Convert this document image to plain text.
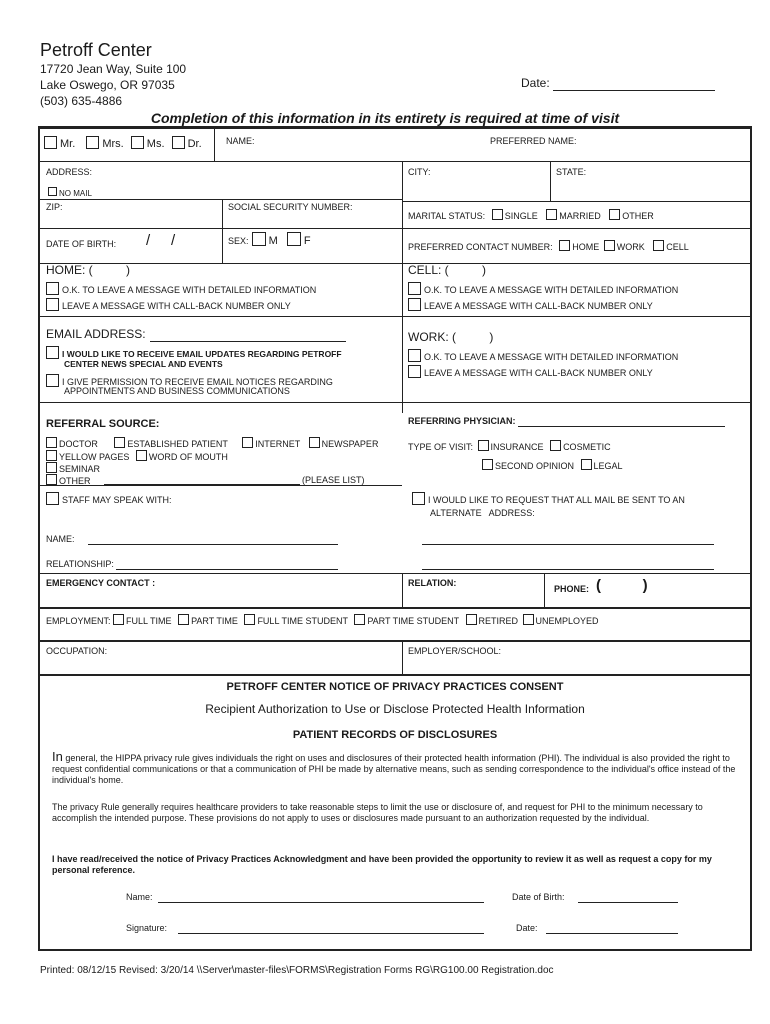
Petroff Center
17720 Jean Way, Suite 100
Lake Oswego, OR 97035
(503) 635-4886
Date:
Completion of this information in its entirety is required at time of visit
Mr. Mrs. Ms. Dr.	NAME:	PREFERRED NAME:
ADDRESS:	CITY:	STATE:
NO MAIL
ZIP:	SOCIAL SECURITY NUMBER:
MARITAL STATUS: SINGLE MARRIED OTHER
DATE OF BIRTH: /     /	SEX: M F	PREFERRED CONTACT NUMBER: HOME WORK CELL
HOME: (          )
O.K. TO LEAVE A MESSAGE WITH DETAILED INFORMATION
LEAVE A MESSAGE WITH CALL-BACK NUMBER ONLY
CELL: (          )
O.K. TO LEAVE A MESSAGE WITH DETAILED INFORMATION
LEAVE A MESSAGE WITH CALL-BACK NUMBER ONLY
EMAIL ADDRESS:
I WOULD LIKE TO RECEIVE EMAIL UPDATES REGARDING PETROFF
CENTER NEWS SPECIAL AND EVENTS
I GIVE PERMISSION TO RECEIVE EMAIL NOTICES REGARDING
APPOINTMENTS AND BUSINESS COMMUNICATIONS
WORK: (          )
O.K. TO LEAVE A MESSAGE WITH DETAILED INFORMATION
LEAVE A MESSAGE WITH CALL-BACK NUMBER ONLY
REFERRAL SOURCE:
DOCTOR	ESTABLISHED PATIENT	INTERNET NEWSPAPER
YELLOW PAGES WORD OF MOUTH
SEMINAR
OTHER	(PLEASE LIST)
REFERRING PHYSICIAN:
TYPE OF VISIT: INSURANCE COSMETIC
SECOND OPINION LEGAL
STAFF MAY SPEAK WITH:	I WOULD LIKE TO REQUEST THAT ALL MAIL BE SENT TO AN
ALTERNATE   ADDRESS:
NAME:
RELATIONSHIP:
EMERGENCY CONTACT :	RELATION:
PHONE: (          )
EMPLOYMENT: FULL TIME PART TIME FULL TIME STUDENT PART TIME STUDENT RETIRED UNEMPLOYED
OCCUPATION:	EMPLOYER/SCHOOL:
PETROFF CENTER NOTICE OF PRIVACY PRACTICES CONSENT
Recipient Authorization to Use or Disclose Protected Health Information
PATIENT RECORDS OF DISCLOSURES
In general, the HIPPA privacy rule gives individuals the right on uses and disclosures of their protected health information (PHI). The individual is also provided the right to request confidential communications or that a communication of PHI be made by alternative means, such as sending correspondence to the individual's office instead of the individual's home.
The privacy Rule generally requires healthcare providers to take reasonable steps to limit the use or disclosure of, and request for PHI to the minimum necessary to accomplish the intended purpose. These provisions do not apply to uses or disclosures made pursuant to an authorization requested by the individual.
I have read/received the notice of Privacy Practices Acknowledgment and have been provided the opportunity to review it as well as request a copy for my personal reference.
Name:	Date of Birth:
Signature:	Date:
Printed: 08/12/15 Revised: 3/20/14 \\Server\master-files\FORMS\Registration Forms RG\RG100.00 Registration.doc
